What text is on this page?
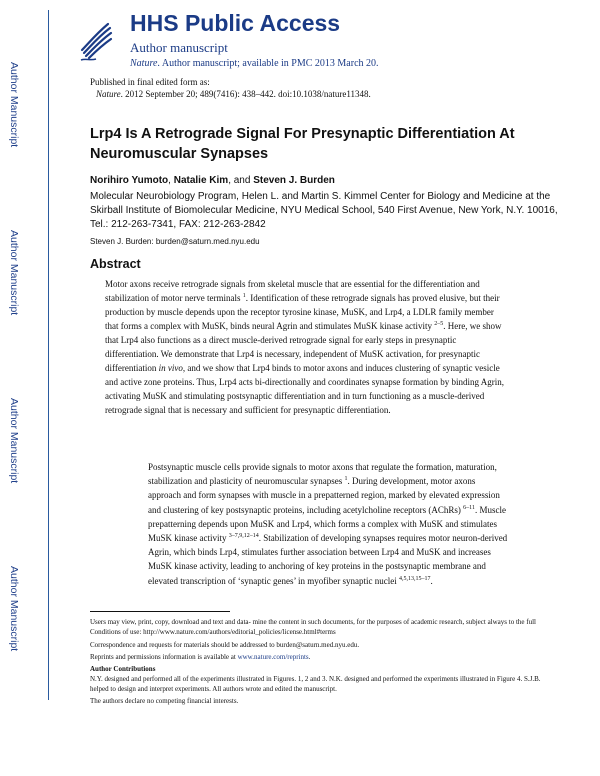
Author Manuscript
Author Manuscript
Author Manuscript
Author Manuscript
HHS Public Access
Author manuscript
Nature. Author manuscript; available in PMC 2013 March 20.
Published in final edited form as:
Nature. 2012 September 20; 489(7416): 438–442. doi:10.1038/nature11348.
Lrp4 Is A Retrograde Signal For Presynaptic Differentiation At Neuromuscular Synapses
Norihiro Yumoto, Natalie Kim, and Steven J. Burden
Molecular Neurobiology Program, Helen L. and Martin S. Kimmel Center for Biology and Medicine at the Skirball Institute of Biomolecular Medicine, NYU Medical School, 540 First Avenue, New York, N.Y. 10016, Tel.: 212-263-7341, FAX: 212-263-2842
Steven J. Burden: burden@saturn.med.nyu.edu
Abstract
Motor axons receive retrograde signals from skeletal muscle that are essential for the differentiation and stabilization of motor nerve terminals $^1$. Identification of these retrograde signals has proved elusive, but their production by muscle depends upon the receptor tyrosine kinase, MuSK, and Lrp4, a LDLR family member that forms a complex with MuSK, binds neural Agrin and stimulates MuSK kinase activity $^{2-5}$. Here, we show that Lrp4 also functions as a direct muscle-derived retrograde signal for early steps in presynaptic differentiation. We demonstrate that Lrp4 is necessary, independent of MuSK activation, for presynaptic differentiation in vivo, and we show that Lrp4 binds to motor axons and induces clustering of synaptic vesicle and active zone proteins. Thus, Lrp4 acts bi-directionally and coordinates synapse formation by binding Agrin, activating MuSK and stimulating postsynaptic differentiation and in turn functioning as a muscle-derived retrograde signal that is necessary and sufficient for presynaptic differentiation.
Postsynaptic muscle cells provide signals to motor axons that regulate the formation, maturation, stabilization and plasticity of neuromuscular synapses $^1$. During development, motor axons approach and form synapses with muscle in a prepatterned region, marked by elevated expression and clustering of key postsynaptic proteins, including acetylcholine receptors (AChRs) $^{6-11}$. Muscle prepatterning depends upon MuSK and Lrp4, which forms a complex with MuSK and stimulates MuSK kinase activity $^{3-7,9,12-14}$. Stabilization of developing synapses requires motor neuron-derived Agrin, which binds Lrp4, stimulates further association between Lrp4 and MuSK and increases MuSK kinase activity, leading to anchoring of key proteins in the postsynaptic membrane and elevated transcription of ‘synaptic genes’ in myofiber synaptic nuclei $^{4,5,13,15-17}$.
Users may view, print, copy, download and text and data- mine the content in such documents, for the purposes of academic research, subject always to the full Conditions of use: http://www.nature.com/authors/editorial_policies/license.html#terms
Correspondence and requests for materials should be addressed to burden@saturn.med.nyu.edu.
Reprints and permissions information is available at www.nature.com/reprints.
Author Contributions
N.Y. designed and performed all of the experiments illustrated in Figures. 1, 2 and 3. N.K. designed and performed the experiments illustrated in Figure 4. S.J.B. helped to design and interpret experiments. All authors wrote and edited the manuscript.
The authors declare no competing financial interests.
